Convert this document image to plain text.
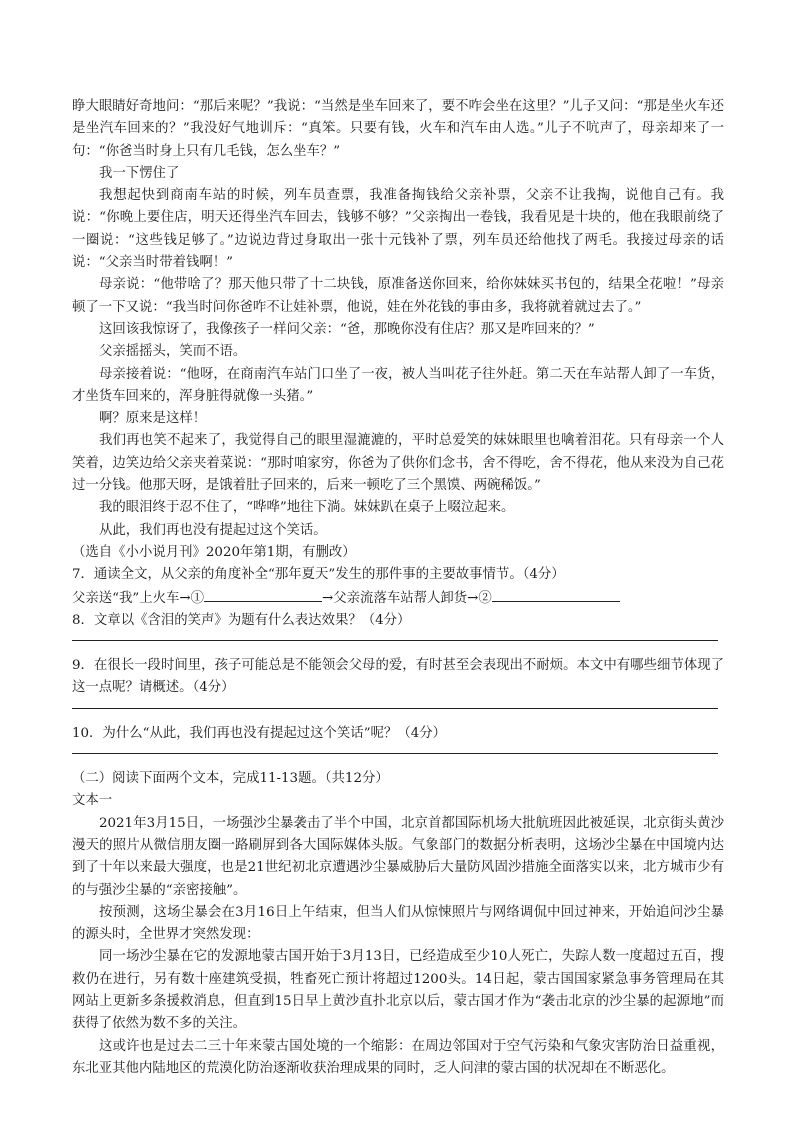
睁大眼睛好奇地问：“那后来呢？”我说：“当然是坐车回来了，要不咋会坐在这里？”儿子又问：“那是坐火车还是坐汽车回来的？”我没好气地训斥：“真笨。只要有钱，火车和汽车由人选。”儿子不吭声了，母亲却来了一句：“你爸当时身上只有几毛钱，怎么坐车？”

我一下愣住了

我想起快到商南车站的时候，列车员查票，我准备掏钱给父亲补票，父亲不让我掏，说他自己有。我说：“你晚上要住店，明天还得坐汽车回去，钱够不够？”父亲掏出一卷钱，我看见是十块的，他在我眼前绕了一圈说：“这些钱足够了。”边说边背过身取出一张十元钱补了票，列车员还给他找了两毛。我接过母亲的话说：“父亲当时带着钱啊！”

母亲说：“他带啥了？那天他只带了十二块钱，原准备送你回来，给你妹妹买书包的，结果全花啦！”母亲顿了一下又说：“我当时问你爸咋不让娃补票，他说，娃在外花钱的事由多，我将就着就过去了。”

这回该我惊讶了，我像孩子一样问父亲：“爸，那晚你没有住店？那又是咋回来的？”

父亲摇摇头，笑而不语。

母亲接着说：“他呀，在商南汽车站门口坐了一夜，被人当叫花子往外赶。第二天在车站帮人卸了一车货，才坐货车回来的，浑身脏得就像一头猪。”

啊？原来是这样！

我们再也笑不起来了，我觉得自己的眼里湿漉漉的，平时总爱笑的妹妹眼里也噙着泪花。只有母亲一个人笑着，边笑边给父亲夹着菜说：“那时咱家穷，你爸为了供你们念书，舍不得吃，舍不得花，他从来没为自己花过一分钱。他那天呀，是饿着肚子回来的，后来一顿吃了三个黑馍、两碗稀饭。”

我的眼泪终于忍不住了，“哗哗”地往下淌。妹妹趴在桌子上啜泣起来。

从此，我们再也没有提起过这个笑话。

（选自《小小说月刊》2020年第1期，有删改）

7．通读全文，从父亲的角度补全“那年夏天”发生的那件事的主要故事情节。（4分）

父亲送“我”上火车→①	→父亲流落车站帮人卸货→②

8．文章以《含泪的笑声》为题有什么表达效果？（4分）

9．在很长一段时间里，孩子可能总是不能领会父母的爱，有时甚至会表现出不耐烦。本文中有哪些细节体现了这一点呢？请概述。（4分）

10．为什么“从此，我们再也没有提起过这个笑话”呢？（4分）

（二）阅读下面两个文本，完成11-13题。（共12分）

文本一

2021年3月15日，一场强沙尘暴袭击了半个中国，北京首都国际机场大批航班因此被延误，北京街头黄沙漫天的照片从微信朋友圈一路刷屏到各大国际媒体头版。气象部门的数据分析表明，这场沙尘暴在中国境内达到了十年以来最大强度，也是21世纪初北京遭遇沙尘暴威胁后大量防风固沙措施全面落实以来，北方城市少有的与强沙尘暴的“亲密接触”。

按预测，这场尘暴会在3月16日上午结束，但当人们从惊悚照片与网络调侃中回过神来，开始追问沙尘暴的源头时，全世界才突然发现：

同一场沙尘暴在它的发源地蒙古国开始于3月13日，已经造成至少10人死亡，失踪人数一度超过五百，搜救仍在进行，另有数十座建筑受损，牲畜死亡预计将超过1200头。14日起，蒙古国国家紧急事务管理局在其网站上更新多条援救消息，但直到15日早上黄沙直扑北京以后，蒙古国才作为“袭击北京的沙尘暴的起源地”而获得了依然为数不多的关注。

这或许也是过去二三十年来蒙古国处境的一个缩影：在周边邻国对于空气污染和气象灾害防治日益重视，东北亚其他内陆地区的荒漠化防治逐渐收获治理成果的同时，乏人问津的蒙古国的状况却在不断恶化。
